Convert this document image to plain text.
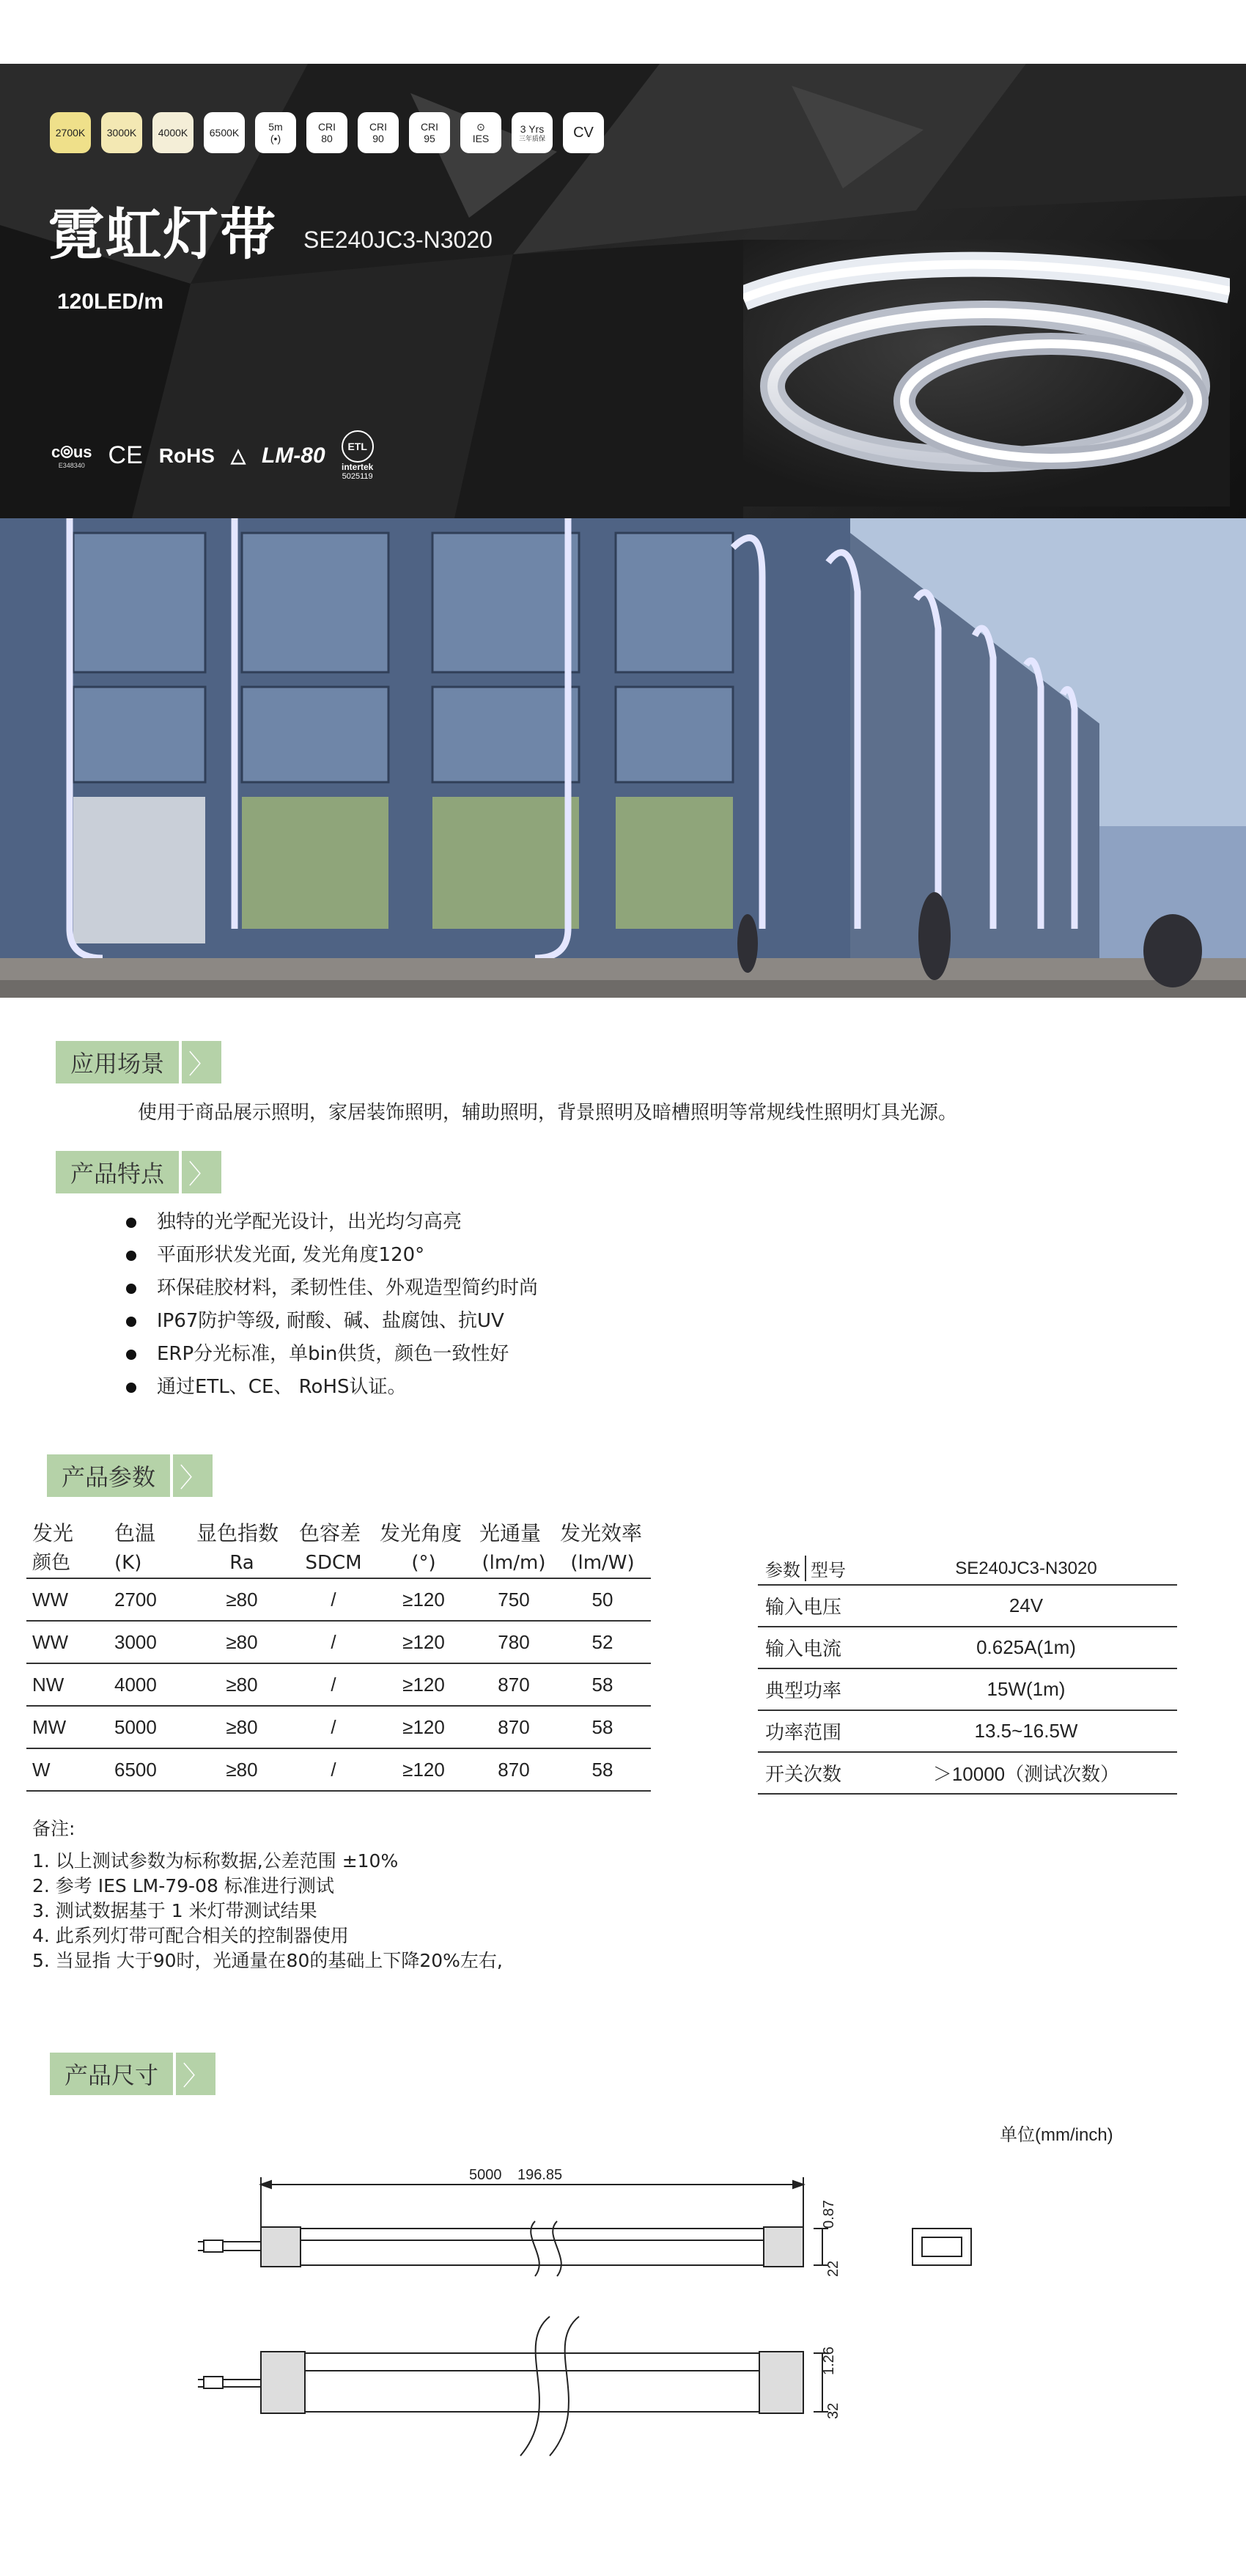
2700K 3000K 4000K 6500K	5m
(•)
CRI
80
CRI
90
CRI
95
⊙
IES
3 Yrs
三年质保 CV
霓虹灯带 SE240JC3-N3020
120LED/m
c⦾us
E348340 CE RoHS △ LM-80	ETL
intertek
5025119
应用场景 〉
使用于商品展示照明，家居装饰照明，辅助照明，背景照明及暗槽照明等常规线性照明灯具光源。
产品特点 〉
独特的光学配光设计，出光均匀高亮
平面形状发光面, 发光角度120°
环保硅胶材料，柔韧性佳、外观造型简约时尚
IP67防护等级, 耐酸、碱、盐腐蚀、抗UV
ERP分光标准，单bin供货，颜色一致性好
通过ETL、CE、 RoHS认证。
产品参数 〉
发光	色温	显色指数	色容差	发光角度	光通量	发光效率
颜色	(K)	Ra	SDCM	(°)	(lm/m)	(lm/W)
WW	2700	≥80	/	≥120	750	50
WW	3000	≥80	/	≥120	780	52
NW	4000	≥80	/	≥120	870	58
MW	5000	≥80	/	≥120	870	58
W	6500	≥80	/	≥120	870	58
参数 型号	SE240JC3-N3020
输入电压	24V
输入电流	0.625A(1m)
典型功率	15W(1m)
功率范围	13.5~16.5W
开关次数	＞10000（测试次数）
备注:
1. 以上测试参数为标称数据,公差范围 ±10%
2. 参考 IES LM-79-08 标准进行测试
3. 测试数据基于 1 米灯带测试结果
4. 此系列灯带可配合相关的控制器使用
5. 当显指 大于90时，光通量在80的基础上下降20%左右,
产品尺寸 〉
单位(mm/inch)
5000 196.85
0.87
22
1.26
32
